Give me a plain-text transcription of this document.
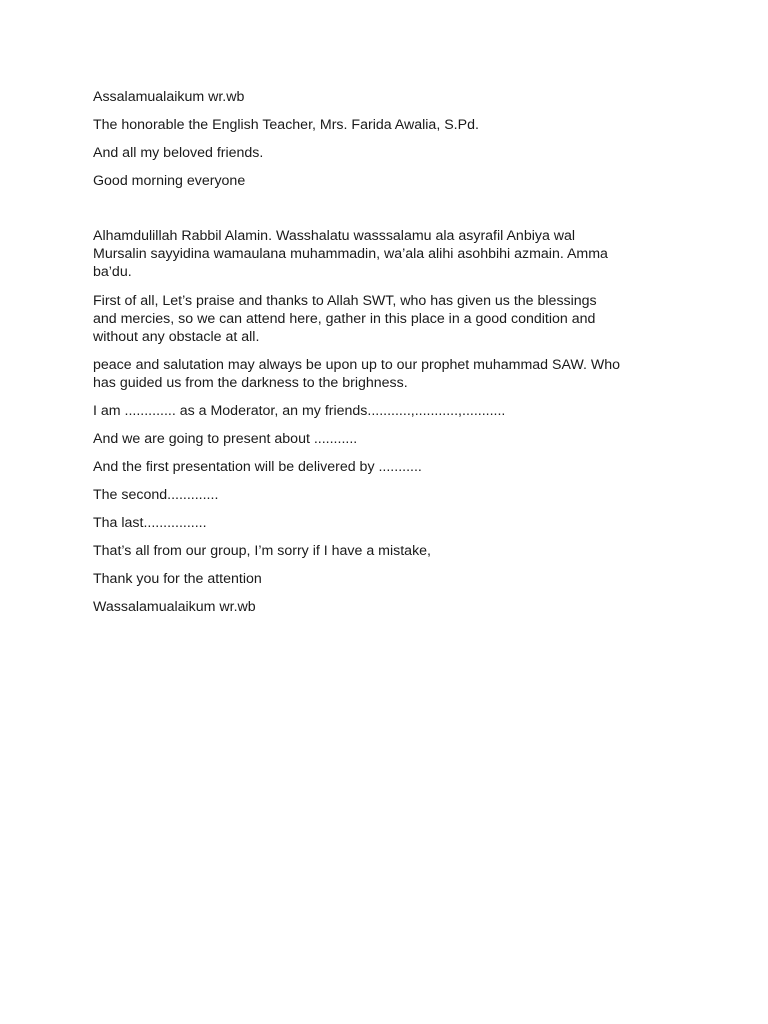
Assalamualaikum wr.wb

The honorable the English Teacher, Mrs. Farida Awalia, S.Pd.

And all my beloved friends.

Good morning everyone

Alhamdulillah Rabbil Alamin. Wasshalatu wasssalamu ala asyrafil Anbiya wal

Mursalin sayyidina wamaulana muhammadin, wa’ala alihi asohbihi azmain. Amma

ba’du.

First of all, Let’s praise and thanks to Allah SWT, who has given us the blessings

and mercies, so we can attend here, gather in this place in a good condition and

without any obstacle at all.

peace and salutation may always be upon up to our prophet muhammad SAW. Who

has guided us from the darkness to the brighness.

I am ............. as a Moderator, an my friends...........,...........,...........

And we are going to present about ...........

And the first presentation will be delivered by ...........

The second.............

Tha last................

That’s all from our group, I’m sorry if I have a mistake,

Thank you for the attention

Wassalamualaikum wr.wb
